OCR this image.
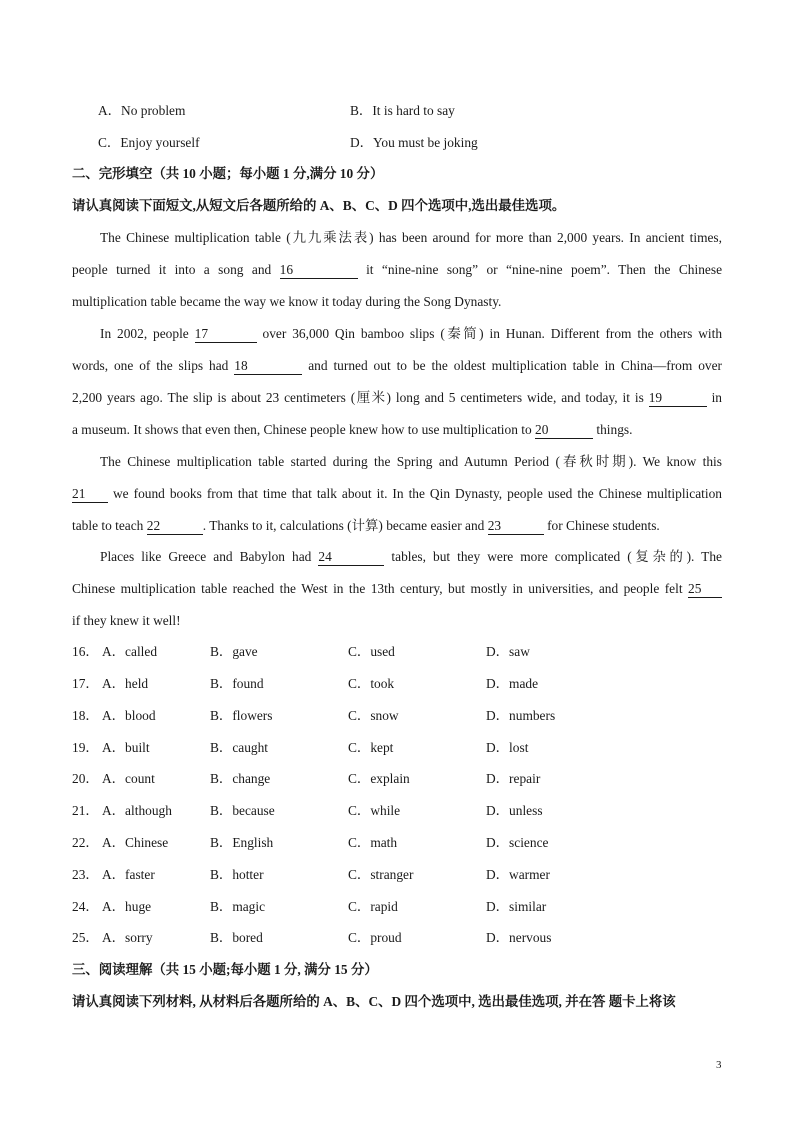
A．No problem	B．It is hard to say
C．Enjoy yourself	D．You must be joking
二、完形填空（共 10 小题；每小题 1 分,满分 10 分）
请认真阅读下面短文,从短文后各题所给的 A、B、C、D 四个选项中,选出最佳选项。
The Chinese multiplication table (九九乘法表) has been around for more than 2,000 years. In ancient times,
people turned it into a song and 16	it “nine-nine song” or “nine-nine poem”. Then the Chinese
multiplication table became the way we know it today during the Song Dynasty.
In 2002, people 17	over 36,000 Qin bamboo slips (秦简) in Hunan. Different from the others with
words, one of the slips had 18	and turned out to be the oldest multiplication table in China—from over
2,200 years ago. The slip is about 23 centimeters (厘米) long and 5 centimeters wide, and today, it is 19	in
a museum. It shows that even then, Chinese people knew how to use multiplication to 20	things.
The Chinese multiplication table started during the Spring and Autumn Period (春秋时期). We know this
21 we found books from that time that talk about it. In the Qin Dynasty, people used the Chinese multiplication
table to teach 22	. Thanks to it, calculations (计算) became easier and 23	for Chinese students.
Places like Greece and Babylon had 24	tables, but they were more complicated (复杂的). The
Chinese multiplication table reached the West in the 13th century, but mostly in universities, and people felt 25
if they knew it well!
16． A．called	B．gave	C．used	D．saw
17． A．held	B．found	C．took	D．made
18． A．blood	B．flowers	C．snow	D．numbers
19． A．built	B．caught	C．kept	D．lost
20． A．count	B．change	C．explain	D．repair
21． A．although	B．because	C．while	D．unless
22． A．Chinese	B．English	C．math	D．science
23． A．faster	B．hotter	C．stranger	D．warmer
24． A．huge	B．magic	C．rapid	D．similar
25． A．sorry	B．bored	C．proud	D．nervous
三、阅读理解（共 15 小题;每小题 1 分, 满分 15 分）
请认真阅读下列材料, 从材料后各题所给的 A、B、C、D 四个选项中, 选出最佳选项, 并在答 题卡上将该
3
